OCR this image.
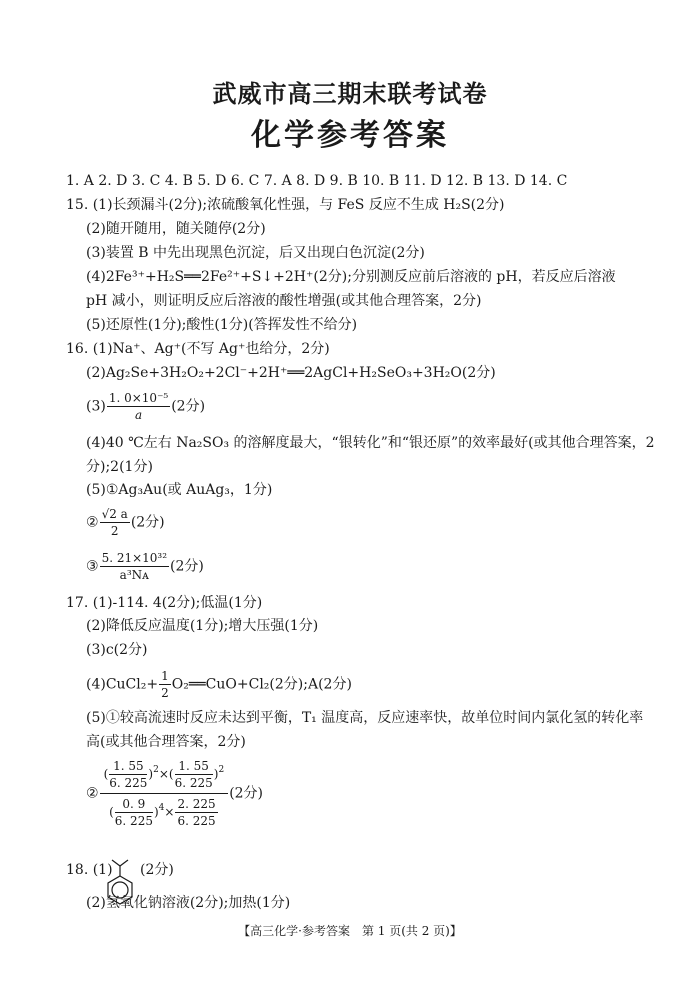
武威市高三期末联考试卷
化学参考答案
1. A 2. D 3. C 4. B 5. D 6. C 7. A 8. D 9. B 10. B 11. D 12. B 13. D 14. C
15. (1)长颈漏斗(2分);浓硫酸氧化性强，与 FeS 反应不生成 H₂S(2分)
(2)随开随用，随关随停(2分)
(3)装置 B 中先出现黑色沉淀，后又出现白色沉淀(2分)
(4)2Fe³⁺+H₂S══2Fe²⁺+S↓+2H⁺(2分);分别测反应前后溶液的 pH，若反应后溶液
pH 减小，则证明反应后溶液的酸性增强(或其他合理答案，2分)
(5)还原性(1分);酸性(1分)(答挥发性不给分)
16. (1)Na⁺、Ag⁺(不写 Ag⁺也给分，2分)
(2)Ag₂Se+3H₂O₂+2Cl⁻+2H⁺══2AgCl+H₂SeO₃+3H₂O(2分)
$(3) \frac{\text{1. 0×10⁻⁵}}{a} (2$分)
(4)40 ℃左右 Na₂SO₃ 的溶解度最大，“银转化”和“银还原”的效率最好(或其他合理答案，2
分);2(1分)
(5)①Ag₃Au(或 AuAg₃，1分)
② $\frac{√2 a}{2} (2$分)
③ $\frac{\text{5. 21×10³²}}{\text{a³Nᴀ}} (2$分)
17. (1)-114. 4(2分);低温(1分)
(2)降低反应温度(1分);增大压强(1分)
(3)c(2分)
(4)CuCl₂+ $\frac{1}{2}$ O₂══CuO+Cl₂(2分);A(2分)
(5)①较高流速时反应未达到平衡，T₁ 温度高，反应速率快，故单位时间内氯化氢的转化率
高(或其他合理答案，2分)
② $\frac{( \frac{1. 55}{6. 225} )^2\times( \frac{1. 55}{6. 225} )^2}{( \frac{0. 9}{6. 225} )^4\times \frac{2. 225}{6. 225}} (2$分)
18. (1) (2分)
(2)氢氧化钠溶液(2分);加热(1分)
【高三化学·参考答案　第 1 页(共 2 页)】
